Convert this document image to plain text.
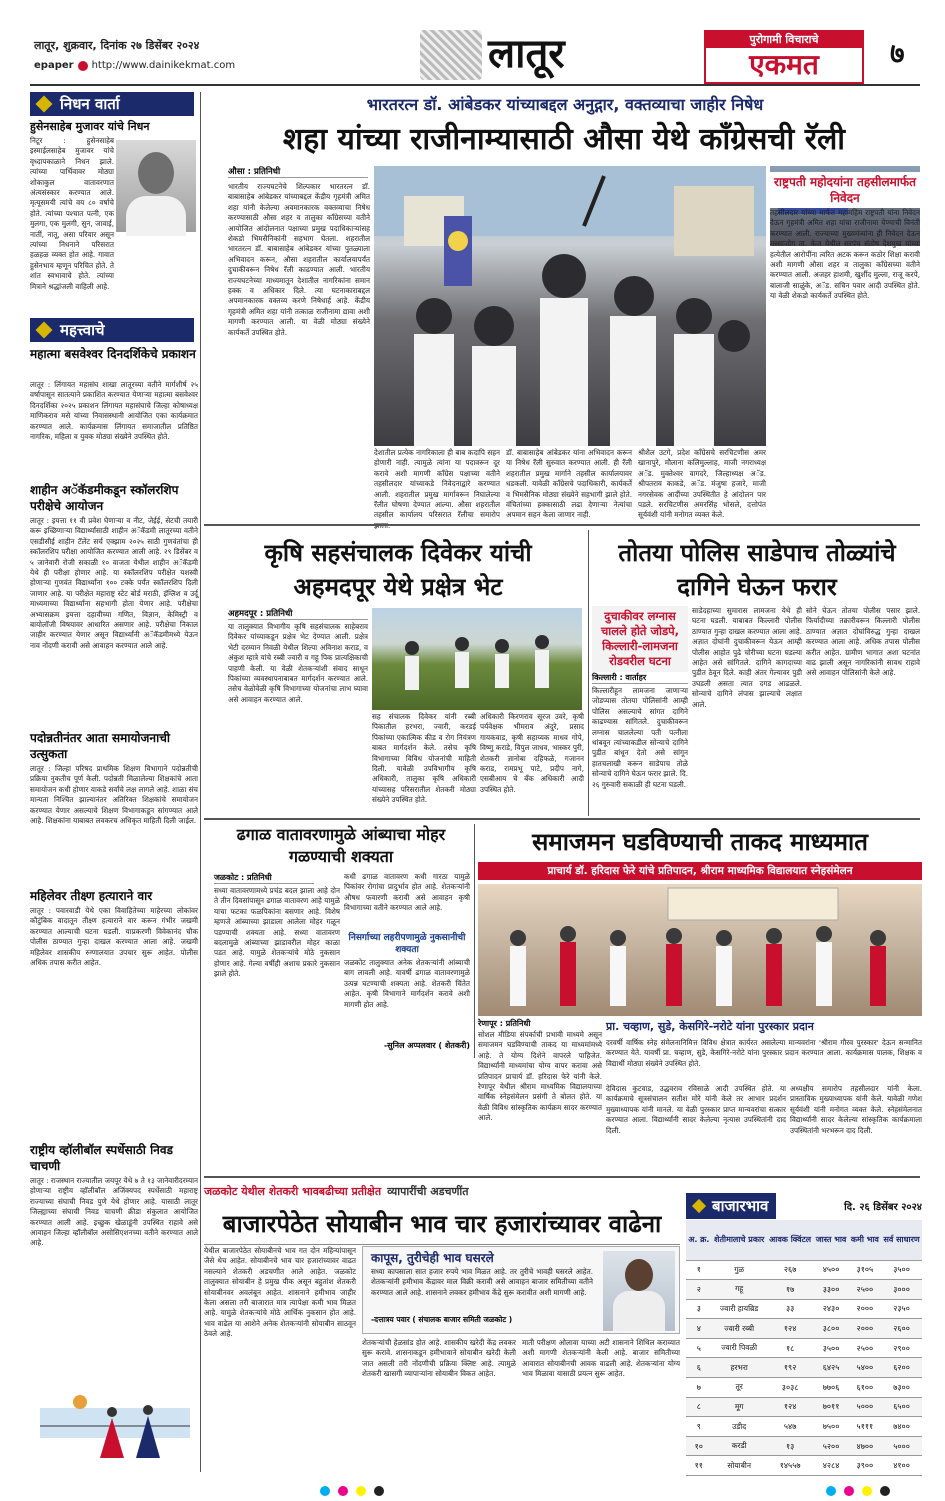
लातूर, शुक्रवार, दिनांक २७ डिसेंबर २०२४
epaper http://www.dainikekmat.com	लातूर	पुरोगामी विचाराचे
एकमत	७
निधन वार्ता
हुसेनसाहेब मुजावर यांचे निधन
निटूर : हुसेनसाहेब इस्माईलसाहेब मुजावर यांचे वृध्दापकाळाने निधन झाले. त्यांच्या पार्थिवावर मोठ्या शोकाकुल वातावरणात अंत्यसंस्कार करण्यात आले. मृत्यूसमयी त्यांचे वय ८० वर्षाचे होते. त्यांच्या पश्चात पत्नी, एक मुलगा, एक मुलगी, सुन, जावाई, नातीं, नातू, असा परिवार असून त्यांच्या निधनाने परिसरात हळहळ व्यक्त होत आहे. गावात हुसेनभाय म्हणून परिचित होते. ते शांत स्वभावाचे होते. त्यांच्या मित्राने श्रद्धांजली वाहिली आहे.
महत्त्वाचे
महात्मा बसवेश्वर दिनदर्शिकेचे प्रकाशन
लातूर : लिंगायत महासंघ शाखा लातूरच्या वतीने मार्गशीर्ष २५ वर्षापासून सातत्याने प्रकाशित करण्यात येणाऱ्या महात्मा बसवेश्वर दिनदर्शिका २०२५ प्रकाशन लिंगायत महासंघाचे जिल्हा कोषाध्यक्ष माणिकराव मसे यांच्या निवासस्थानी आयोजित एका कार्यक्रमात करण्यात आले. कार्यक्रमास लिंगायत समाजातील प्रतिष्ठित नागरिक, महिला व युवक मोठ्या संख्येने उपस्थित होते.
शाहीन अॅकॅडमीकडून स्कॉलरशिप परीक्षेचे आयोजन
लातूर : इयत्ता ११ वी प्रवेश घेणाऱ्या व नीट, जेईई, सेटची तयारी करू इच्छिणाऱ्या विद्यार्थ्यांसाठी शाहीन अॅकॅडमी लातूरच्या वतीने एसडीसीई शाहीन टॅलेंट सर्च एक्झाम २०२५ साठी गुणवंतांचा ही स्कॉलरशिप परीक्षा आयोजित करण्यात आली आहे. २९ डिसेंबर व ५ जानेवारी रोजी सकाळी १० वाजता येथील शाहीन अॅकॅडमी येथे ही परीक्षा होणार आहे. या स्कॉलरशिप परीक्षेत यशस्वी होणाऱ्या गुणवंत विद्यार्थ्यांना १०० टक्के पर्यंत स्कॉलरशिप दिली जाणार आहे. या परीक्षेत महाराष्ट्र स्टेट बोर्ड मराठी, इंग्लिश व उर्दू माध्यमाच्या विद्यार्थ्यांना सहभागी होता येणार आहे. परीक्षेचा अभ्यासक्रम इयत्ता दहावीच्या गणित, विज्ञान, केमिस्ट्री व बायोलॉजी विषयावर आधारित असणार आहे. परीक्षेचा निकाल जाहीर करण्यात येणार असून विद्यार्थ्यांनी अॅकॅडमीमध्ये येऊन नाव नोंदणी करावी असे आवाहन करण्यात आले आहे.
पदोन्नतीनंतर आता समायोजनाची उत्सुकता
लातूर : जिल्हा परिषद प्राथमिक शिक्षण विभागाने पदोन्नतीची प्रक्रिया नुकतीच पूर्ण केली. पदोन्नती मिळालेल्या शिक्षकांचे आता समायोजन कधी होणार याकडे सर्वांचे लक्ष लागले आहे. शाळा संच मान्यता निश्चित झाल्यानंतर अतिरिक्त शिक्षकांचे समायोजन करण्यात येणार असल्याचे शिक्षण विभागाकडून सांगण्यात आले आहे. शिक्षकांना याबाबत लवकरच अधिकृत माहिती दिली जाईल.
महिलेवर तीक्ष्ण हत्याराने वार
लातूर : पवारवाडी येथे एका विवाहितेच्या माहेरच्या लोकांवर कौटुंबिक वादातून तीक्ष्ण हत्याराने वार करून गंभीर जखमी करण्यात आल्याची घटना घडली. याप्रकरणी विवेकानंद चौक पोलीस ठाण्यात गुन्हा दाखल करण्यात आला आहे. जखमी महिलेवर शासकीय रुग्णालयात उपचार सुरू आहेत. पोलीस अधिक तपास करीत आहेत.
राष्ट्रीय व्हॉलीबॉल स्पर्धेसाठी निवड चाचणी
लातूर : राजस्थान राज्यातील जयपूर येथे ७ ते १३ जानेवारीदरम्यान होणाऱ्या राष्ट्रीय व्हॉलीबॉल अजिंक्यपद स्पर्धेसाठी महाराष्ट्र राज्याच्या संघाची निवड पुणे येथे होणार आहे. यासाठी लातूर जिल्ह्याच्या संघाची निवड चाचणी क्रीडा संकुलात आयोजित करण्यात आली आहे. इच्छुक खेळाडूंनी उपस्थित राहावे असे आवाहन जिल्हा व्हॉलीबॉल असोसिएशनच्या वतीने करण्यात आले आहे.
भारतरत्न डॉ. आंबेडकर यांच्याबद्दल अनुद्गार, वक्तव्याचा जाहीर निषेध
शहा यांच्या राजीनाम्यासाठी औसा येथे काँग्रेसची रॅली
औसा : प्रतिनिधी
भारतीय राज्यघटनेचे शिल्पकार भारतरत्न डॉ. बाबासाहेब आंबेडकर यांच्याबद्दल केंद्रीय गृहमंत्री अमित शहा यांनी केलेल्या अवमानकारक वक्तव्याचा निषेध करण्यासाठी औसा शहर व तालुका काँग्रेसच्या वतीने आयोजित आंदोलनात पक्षाच्या प्रमुख पदाधिकाऱ्यांसह शेकडो भिमसैनिकांनी सहभाग घेतला. शहरातील भारतरत्न डॉ. बाबासाहेब आंबेडकर यांच्या पुतळ्याला अभिवादन करून, औसा शहरातील कार्यालयापर्यंत दुचाकीवरून निषेध रॅली काढण्यात आली. भारतीय राज्यघटनेच्या माध्यमातून देशातील नागरिकांना समान हक्क व अधिकार दिले. त्या घटनाकाराबद्दल अपमानकारक वक्तव्य करणे निषेधार्ह आहे. केंद्रीय गृहमंत्री अमित शहा यांनी तत्काळ राजीनामा द्यावा अशी मागणी करण्यात आली. या वेळी मोठ्या संख्येने कार्यकर्ते उपस्थित होते.
देशातील प्रत्येक नागरिकाला ही बाब कदापि सहन होणारी नाही. त्यामुळे त्यांना या पदावरून दूर करावे अशी मागणी काँग्रेस पक्षाच्या वतीने तहसीलदार यांच्याकडे निवेदनाद्वारे करण्यात आली. शहरातील प्रमुख मार्गावरून निघालेल्या रॅलीत घोषणा देण्यात आल्या. औसा शहरातील तहसील कार्यालय परिसरात रॅलीचा समारोप
डॉ. बाबासाहेब आंबेडकर यांना अभिवादन करून या निषेध रॅली सुरुवात करण्यात आली. ही रॅली शहरातील प्रमुख मार्गाने तहसील कार्यालयावर धडकली. यावेळी काँग्रेसचे पदाधिकारी, कार्यकर्ते व भिमसैनिक मोठ्या संख्येने सहभागी झाले होते. वंचितांच्या हक्कासाठी लढा देणाऱ्या नेत्यांचा अपमान सहन केला जाणार नाही.
श्रीशैल उटगे, प्रदेश काँग्रेसचे सरचिटणीस अमर खानापुरे, मौलाना कलिमुल्लाह, माजी नगराध्यक्ष अॅड. मुक्तेश्वर वागदरे, जिल्हाध्यक्ष अॅड. श्रीपतराव काकडे, अॅड. मंजुषा हजारे, माजी नगरसेवक आदींच्या उपस्थितीत हे आंदोलन पार पडले. सरचिटणीस अमरसिंह भोसले, दत्तोपंत सूर्यवंशी यांनी मनोगत व्यक्त केले.
राष्ट्रपती महोदयांना तहसीलमार्फत निवेदन
तहसीलदार यांच्या मार्फत महामहिम राष्ट्रपती यांना निवेदन देऊन गृहमंत्री अमित शहा यांचा राजीनामा घेण्याची विनंती करण्यात आली. राज्याच्या मुख्यमंत्र्यांना ही निवेदन देऊन मस्साजोग ता. केज येथील सरपंच संतोष देशमुख यांच्या हत्येतील आरोपींना त्वरित अटक करून कठोर शिक्षा करावी अशी मागणी औसा शहर व तालुका काँग्रेसच्या वतीने करण्यात आली. अजहर हाशमी, खुर्शीद मुल्ला, राजू करपे, बालाजी साळुंके, अॅड. सचिन पवार आदी उपस्थित होते. या वेळी शेकडो कार्यकर्ते उपस्थित होते.
कृषि सहसंचालक दिवेकर यांची अहमदपूर येथे प्रक्षेत्र भेट
अहमदपूर : प्रतिनिधी
या तालुक्यात विभागीय कृषि सहसंचालक साहेबराव दिवेकर यांच्याकडून प्रक्षेत्र भेट देण्यात आली. प्रक्षेत्र भेटी दरम्यान निवळी येथील शिल्पा अविनाश कराड, व अंकुश म्हात्रे यांचे रब्बी ज्वारी व गहू पिक प्रात्यक्षिकाची पाहणी केली. या वेळी शेतकऱ्यांशी संवाद साधून पिकांच्या व्यवस्थापनाबाबत मार्गदर्शन करण्यात आले. तसेच वेळोवेळी कृषि विभागाच्या योजनांचा लाभ घ्यावा असे आवाहन करण्यात आले.
सह संचालक दिवेकर यांनी रब्बी पिकातील हरभरा, ज्वारी, करडई पिकांच्या एकात्मिक कीड व रोग नियंत्रण बाबत मार्गदर्शन केले. तसेच कृषि विभागाच्या विविध योजनांची माहिती दिली. यावेळी उपविभागीय कृषि अधिकारी, तालुका कृषि अधिकारी यांच्यासह परिसरातील शेतकरी मोठ्या संख्येने उपस्थित होते.
अधिकारी किरणराव सूरज उवरे, कृषी पर्यवेक्षक भीमराव अंदुरे, प्रसाद गायकवाड, कृषी सहाय्यक माधव गोपे, विष्णु कराडे, विपुल जाधव, भास्कर पुरी, शेतकरी ज्ञानोबा दहिफळे, गजानन कराड, रामप्रभू पाटे, प्रदीप नागे, एसबीआय चे बँक अधिकारी आदी उपस्थित होते.
तोतया पोलिस साडेपाच तोळ्यांचे दागिने घेऊन फरार
दुचाकीवर लग्नास चालले होते जोडपे, किल्लारी-लामजना रोडवरील घटना
किल्लारी : वार्ताहर
किल्लारीहून लामजना जाणाऱ्या जोडप्यास तोतया पोलिसांनी आम्ही पोलिस असल्याचे सांगत दागिने काढण्यास सांगितले. दुचाकीवरून लग्नास चाललेल्या पती पत्नीला थांबवून त्यांच्याकडील सोन्याचे दागिने पुडीत बांधून देतो असे सांगून हातचलाखी करून साडेपाच तोळे सोन्याचे दागिने घेऊन फरार झाले. दि. २६ गुरुवारी सकाळी ही घटना घडली.
साडेदहाच्या सुमारास लामजना येथे ही घटना घडली. याबाबत किल्लारी पोलीस ठाण्यात गुन्हा दाखल करण्यात आला आहे. अज्ञात दोघांनी दुचाकीवरून येऊन आम्ही पोलीस आहोत पुढे चोरीच्या घटना घडल्या आहेत असे सांगितले. दागिने कागदाच्या पुडीत ठेवून दिले. काही अंतर गेल्यावर पुडी उघडली असता त्यात दगड आढळले. सोन्याचे दागिने लंपास झाल्याचे लक्षात आले.
सोने घेऊन तोतया पोलीस पसार झाले. फिर्यादीच्या तक्रारीवरून किल्लारी पोलीस ठाण्यात अज्ञात दोघांविरुद्ध गुन्हा दाखल करण्यात आला आहे. अधिक तपास पोलीस करीत आहेत. ग्रामीण भागात अशा घटनांत वाढ झाली असून नागरिकांनी सावध राहावे असे आवाहन पोलिसांनी केले आहे.
ढगाळ वातावरणामुळे आंब्याचा मोहर गळण्याची शक्यता
जळकोट : प्रतिनिधी
सध्या वातावरणामध्ये प्रचंड बदल झाला आहे दोन ते तीन दिवसांपासून ढगाळ वातावरण आहे यामुळे याचा फटका फळपिकांना बसणार आहे. विशेष म्हणजे आंब्याच्या झाडाला आलेला मोहर गळून पडण्याची शक्यता आहे. सध्या वातावरण बदलामुळे आंब्याच्या झाडावरील मोहर काळा पडत आहे. यामुळे शेतकऱ्यांचे मोठे नुकसान होणार आहे. गेल्या वर्षीही अशाच प्रकारे नुकसान झाले होते.
कधी ढगाळ वातावरण कधी गारठा यामुळे पिकांवर रोगांचा प्रादुर्भाव होत आहे. शेतकऱ्यांनी औषध फवारणी करावी असे आवाहन कृषी विभागाच्या वतीने करण्यात आले आहे.
निसर्गाच्या लहरीपणामुळे नुकसानीची शक्यता
जळकोट तालुक्यात अनेक शेतकऱ्यांनी आंब्याची बाग लावली आहे. यावर्षी ढगाळ वातावरणामुळे उत्पन्न घटण्याची शक्यता आहे. शेतकरी चिंतेत आहेत. कृषी विभागाने मार्गदर्शन करावे अशी मागणी होत आहे.
-सुनिल अप्पलवार ( शेतकरी)
समाजमन घडविण्याची ताकद माध्यमात
प्राचार्य डॉ. हरिदास फेरे यांचे प्रतिपादन, श्रीराम माध्यमिक विद्यालयात स्नेहसंमेलन
रेणापूर : प्रतिनिधी
सोशल मीडिया संपर्काची प्रभावी माध्यमे असून समाजमन घडविण्याची ताकद या माध्यमांमध्ये आहे. ते योग्य दिशेने वापरले पाहिजेत. विद्यार्थ्यांनी माध्यमांचा योग्य वापर करावा असे प्रतिपादन प्राचार्य डॉ. हरिदास फेरे यांनी केले. रेणापूर येथील श्रीराम माध्यमिक विद्यालयाच्या वार्षिक स्नेहसंमेलन प्रसंगी ते बोलत होते. या वेळी विविध सांस्कृतिक कार्यक्रम सादर करण्यात आले.
प्रा. चव्हाण, सुडे, केसगिरे-नरोटे यांना पुरस्कार प्रदान
दरवर्षी वार्षिक स्नेह संमेलनानिमित्त विविध क्षेत्रात कार्यरत असलेल्या मान्यवरांना 'श्रीराम गौरव पुरस्कार' देऊन सन्मानित करण्यात येते. यावर्षी प्रा. चव्हाण, सुडे, केसगिरे-नरोटे यांना पुरस्कार प्रदान करण्यात आला. कार्यक्रमास पालक, शिक्षक व विद्यार्थी मोठ्या संख्येने उपस्थित होते.
देविदास कुटवाड, उद्धवराव रविसाळे आदी उपस्थित होते. या कार्यक्रमाचे सूत्रसंचालन सतीश मोरे यांनी केले तर आभार प्रदर्शन मुख्याध्यापक यांनी मानले. या वेळी पुरस्कार प्राप्त मान्यवरांचा सत्कार करण्यात आला. विद्यार्थ्यांनी सादर केलेल्या नृत्यास उपस्थितांनी दाद दिली.
अध्यक्षीय समारोप तहसीलदार यांनी केला. प्रास्ताविक मुख्याध्यापक यांनी केले. यावेळी गणेश सूर्यवंशी यांनी मनोगत व्यक्त केले. स्नेहसंमेलनात विद्यार्थ्यांनी सादर केलेल्या सांस्कृतिक कार्यक्रमाला उपस्थितांनी भरभरून दाद दिली.
जळकोट येथील शेतकरी भावबढीच्या प्रतीक्षेत व्यापारींची अडचणींत
बाजारपेठेत सोयाबीन भाव चार हजारांच्यावर वाढेना
येथील बाजारपेठेत सोयाबीनचे भाव गत दोन महिन्यांपासून जैसे थेच आहेत. सोयाबीनचे भाव चार हजारांच्यावर वाढत नसल्याने शेतकरी अडचणीत आले आहेत. जळकोट तालुक्यात सोयाबीन हे प्रमुख पीक असून बहुतांश शेतकरी सोयाबीनवर अवलंबून आहेत. शासनाने हमीभाव जाहीर केला असला तरी बाजारात मात्र त्यापेक्षा कमी भाव मिळत आहे. यामुळे शेतकऱ्यांचे मोठे आर्थिक नुकसान होत आहे. भाव वाढेल या आशेने अनेक शेतकऱ्यांनी सोयाबीन साठवून ठेवले आहे.
कापूस, तुरीचेही भाव घसरले
सध्या कापसाला सात हजार रुपये भाव मिळत आहे. तर तुरीचे भावही घसरले आहेत. शेतकऱ्यांनी हमीभाव केंद्रावर माल विक्री करावी असे आवाहन बाजार समितीच्या वतीने करण्यात आले आहे. शासनाने लवकर हमीभाव केंद्रे सुरू करावीत अशी मागणी आहे.
-दत्तात्रय पवार ( संचालक बाजार समिती जळकोट )
शेतकऱ्यांची हेळसांड होत आहे. शासकीय खरेदी केंद्र लवकर सुरू करावे. शासनाकडून हमीभावाने सोयाबीन खरेदी केली जात असली तरी नोंदणीची प्रक्रिया क्लिष्ट आहे. त्यामुळे शेतकरी खासगी व्यापाऱ्यांना सोयाबीन विकत आहेत.
माती परीक्षण ओलावा याच्या अटी शासनाने शिथिल कराव्यात अशी मागणी शेतकऱ्यांनी केली आहे. बाजार समितीच्या आवारात सोयाबीनची आवक वाढली आहे. शेतकऱ्यांना योग्य भाव मिळावा यासाठी प्रयत्न सुरू आहेत.
बाजारभाव	दि. २६ डिसेंबर २०२४
अ. क्र.	शेतीमालाचे प्रकार	आवक क्विंटल	जास्त भाव	कमी भाव	सर्व साधारण
१	गुळ	२६७	४५००	३१०५	३५००
२	गहू	१७	३३००	२५००	३०००
३	ज्वारी हायब्रिड	३३	२४३०	२०००	२३५०
४	ज्वारी रब्बी	१२४	३८००	२०००	२६००
५	ज्वारी पिवळी	१८	३५००	२५००	२९००
६	हरभरा	१९२	६४२५	५४००	६२००
७	तूर	३०३८	७७०६	६१००	७३००
८	मूग	१२४	७०११	५०००	६५००
९	उडीद	५४७	७५००	५१११	७४००
१०	करडी	१३	५२००	४७००	५०००
११	सोयाबीन	१४५५७	४२८४	३९००	४१००
